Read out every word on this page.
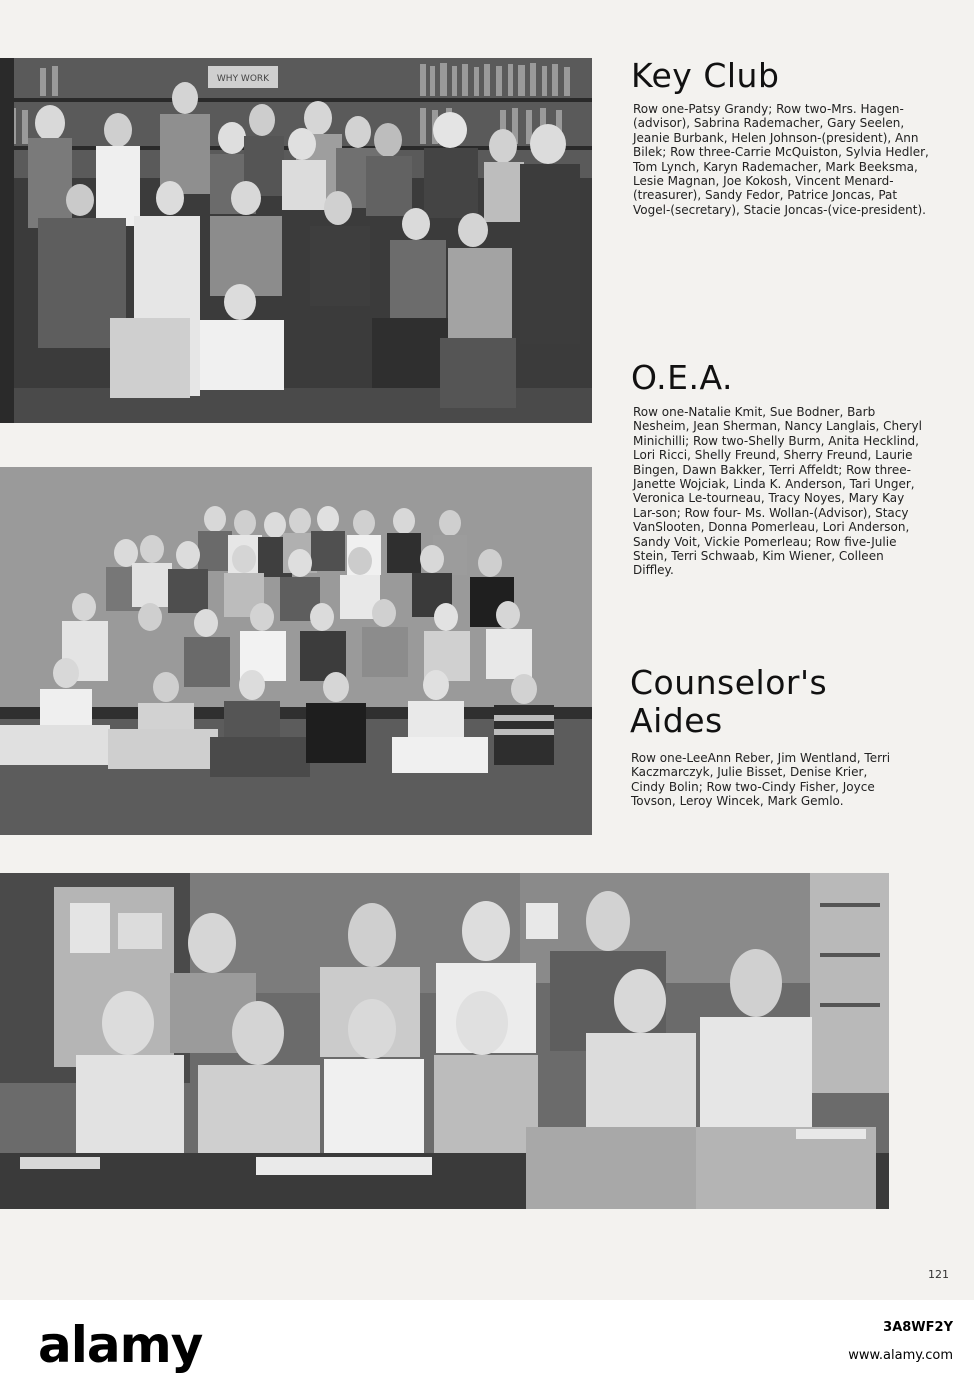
WHY WORK	Key Club

Row one-Patsy Grandy; Row two-Mrs. Hagen-(advisor), Sabrina Rademacher, Gary Seelen, Jeanie Burbank, Helen Johnson-(president), Ann Bilek; Row three-Carrie McQuiston, Sylvia Hedler, Tom Lynch, Karyn Rademacher, Mark Beeksma, Lesie Magnan, Joe Kokosh, Vincent Menard-(treasurer), Sandy Fedor, Patrice Joncas, Pat Vogel-(secretary), Stacie Joncas-(vice-president).

O.E.A.

Row one-Natalie Kmit, Sue Bodner, Barb Nesheim, Jean Sherman, Nancy Langlais, Cheryl Minichilli; Row two-Shelly Burm, Anita Hecklind, Lori Ricci, Shelly Freund, Sherry Freund, Laurie Bingen, Dawn Bakker, Terri Affeldt; Row three- Janette Wojciak, Linda K. Anderson, Tari Unger, Veronica Le-tourneau, Tracy Noyes, Mary Kay Lar-son; Row four- Ms. Wollan-(Advisor), Stacy VanSlooten, Donna Pomerleau, Lori Anderson, Sandy Voit, Vickie Pomerleau; Row five-Julie Stein, Terri Schwaab, Kim Wiener, Colleen Diffley.

Counselor's Aides

Row one-LeeAnn Reber, Jim Wentland, Terri Kaczmarczyk, Julie Bisset, Denise Krier, Cindy Bolin; Row two-Cindy Fisher, Joyce Tovson, Leroy Wincek, Mark Gemlo.

121
alamy	3A8WF2Y
www.alamy.com
